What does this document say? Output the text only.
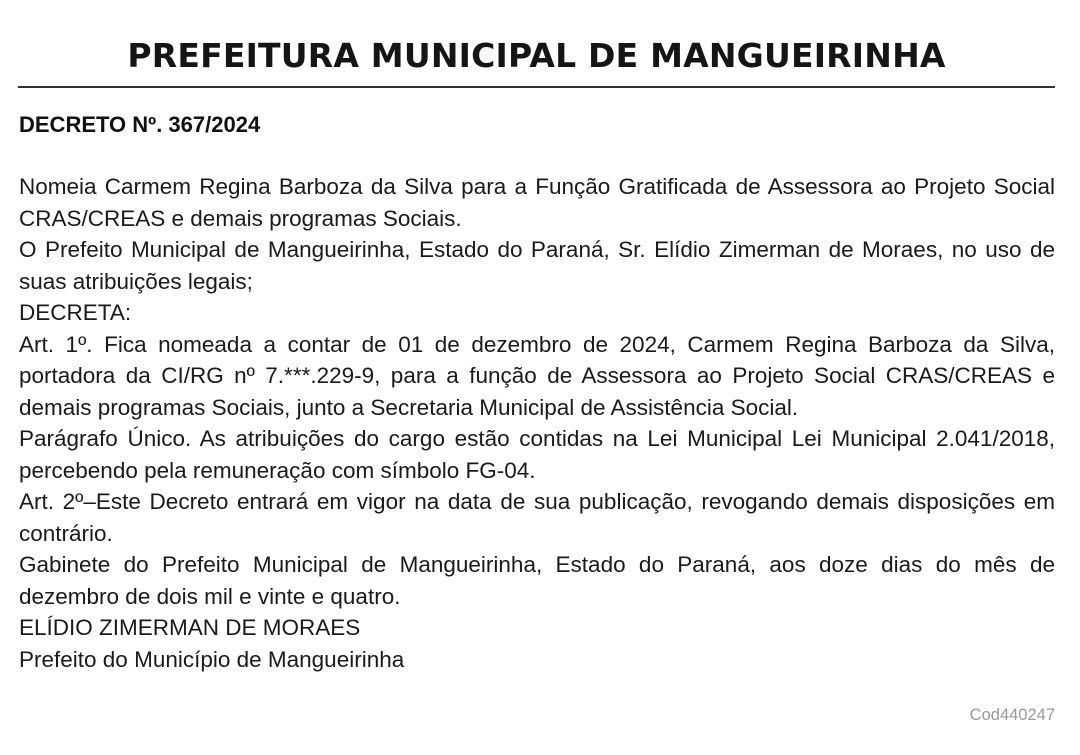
PREFEITURA MUNICIPAL DE MANGUEIRINHA
DECRETO Nº. 367/2024

Nomeia Carmem Regina Barboza da Silva para a Função Gratificada de Assessora ao Projeto Social CRAS/CREAS e demais programas Sociais.

O Prefeito Municipal de Mangueirinha, Estado do Paraná, Sr. Elídio Zimerman de Moraes, no uso de suas atribuições legais;

DECRETA:

Art. 1º. Fica nomeada a contar de 01 de dezembro de 2024, Carmem Regina Barboza da Silva, portadora da CI/RG nº 7.***.229-9, para a função de Assessora ao Projeto Social CRAS/CREAS e demais programas Sociais, junto a Secretaria Municipal de Assistência Social.

Parágrafo Único. As atribuições do cargo estão contidas na Lei Municipal Lei Municipal 2.041/2018, percebendo pela remuneração com símbolo FG-04.

Art. 2º–Este Decreto entrará em vigor na data de sua publicação, revogando demais disposições em contrário.

Gabinete do Prefeito Municipal de Mangueirinha, Estado do Paraná, aos doze dias do mês de dezembro de dois mil e vinte e quatro.

ELÍDIO ZIMERMAN DE MORAES

Prefeito do Município de Mangueirinha

Cod440247
